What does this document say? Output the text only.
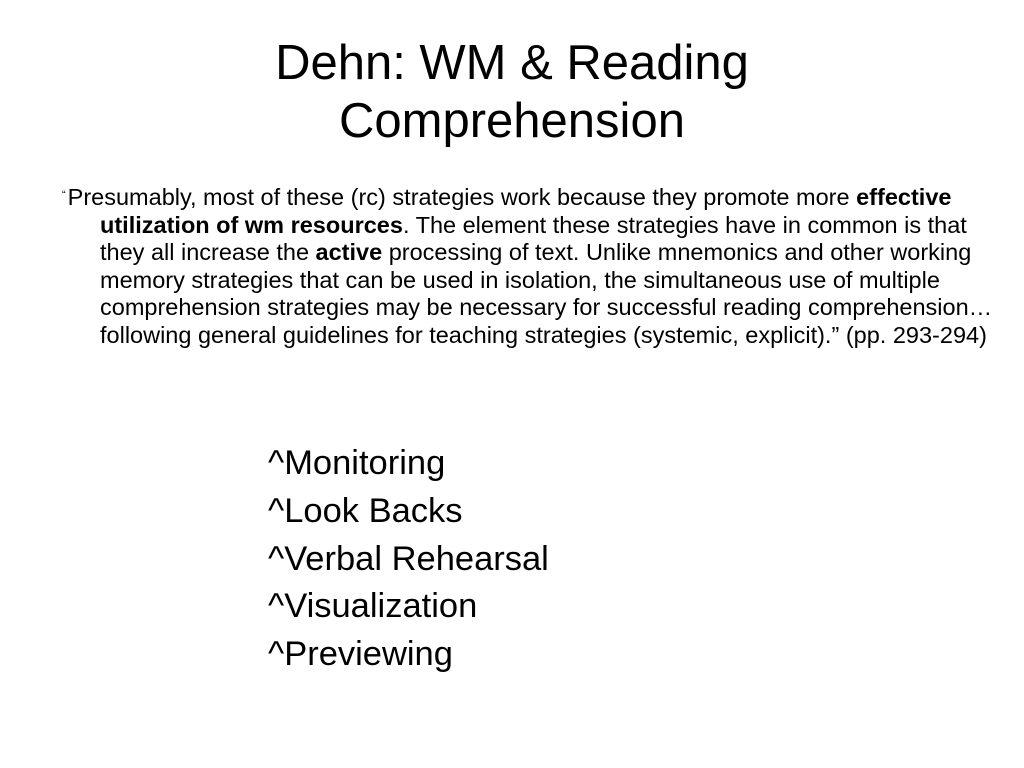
Dehn: WM & Reading
Comprehension

“Presumably, most of these (rc) strategies work because they promote more effective utilization of wm resources. The element these strategies have in common is that they all increase the active processing of text. Unlike mnemonics and other working memory strategies that can be used in isolation, the simultaneous use of multiple comprehension strategies may be necessary for successful reading comprehension…following general guidelines for teaching strategies (systemic, explicit).” (pp. 293-294)

^Monitoring
^Look Backs
^Verbal Rehearsal
^Visualization
^Previewing
